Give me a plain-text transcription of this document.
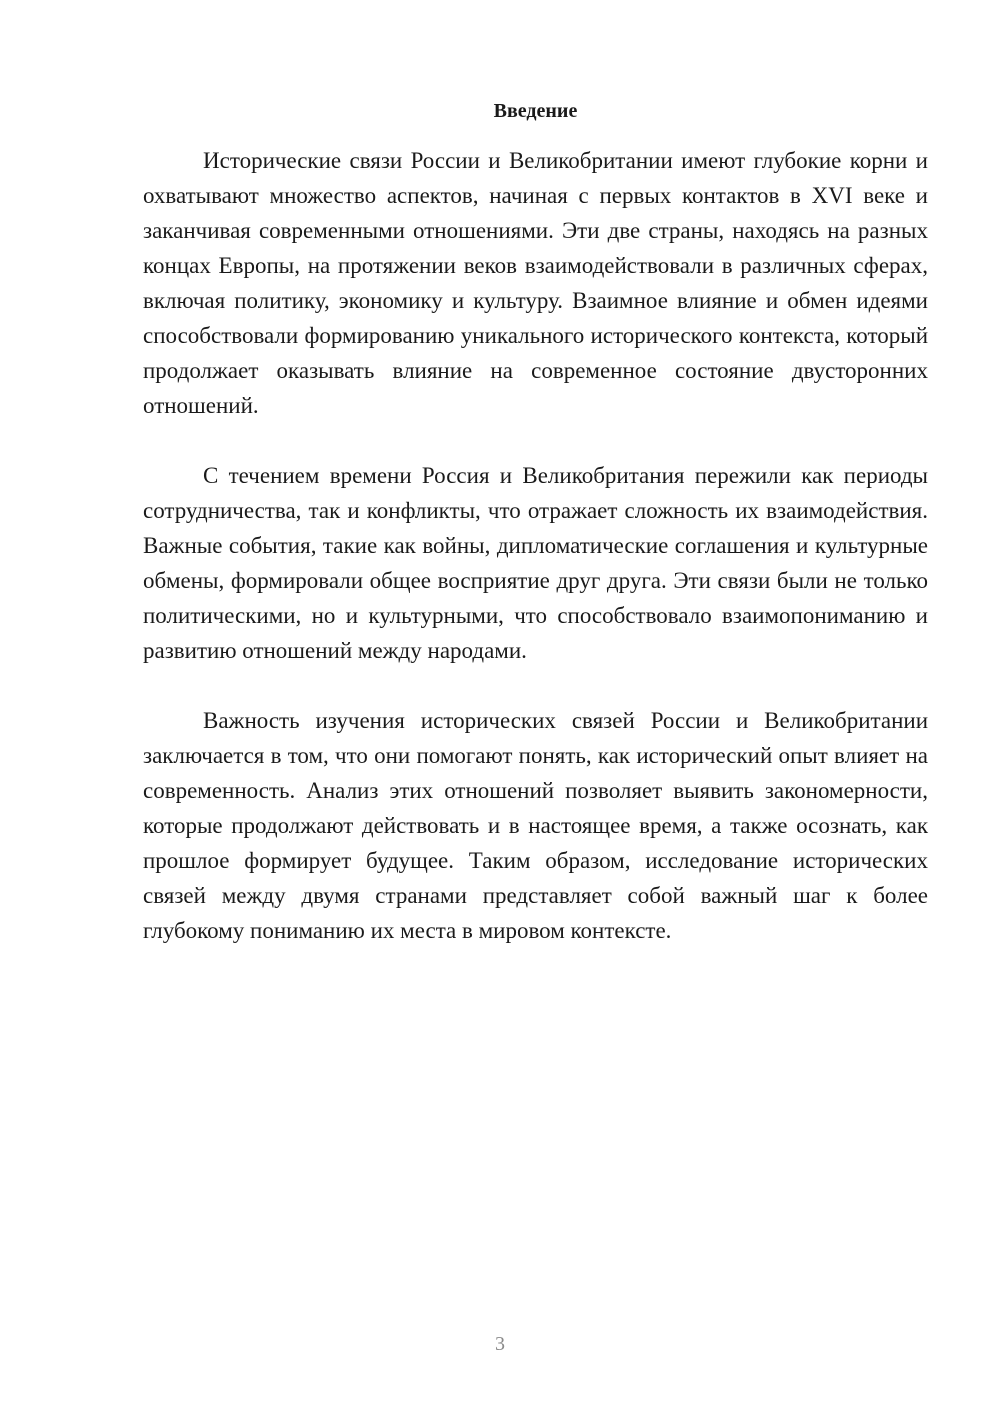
Введение

Исторические связи России и Великобритании имеют глубокие корни и охватывают множество аспектов, начиная с первых контактов в XVI веке и заканчивая современными отношениями. Эти две страны, находясь на разных концах Европы, на протяжении веков взаимодействовали в различных сферах, включая политику, экономику и культуру. Взаимное влияние и обмен идеями способствовали формированию уникального исторического контекста, который продолжает оказывать влияние на современное состояние двусторонних отношений.

С течением времени Россия и Великобритания пережили как периоды сотрудничества, так и конфликты, что отражает сложность их взаимодействия. Важные события, такие как войны, дипломатические соглашения и культурные обмены, формировали общее восприятие друг друга. Эти связи были не только политическими, но и культурными, что способствовало взаимопониманию и развитию отношений между народами.

Важность изучения исторических связей России и Великобритании заключается в том, что они помогают понять, как исторический опыт влияет на современность. Анализ этих отношений позволяет выявить закономерности, которые продолжают действовать и в настоящее время, а также осознать, как прошлое формирует будущее. Таким образом, исследование исторических связей между двумя странами представляет собой важный шаг к более глубокому пониманию их места в мировом контексте.

3
